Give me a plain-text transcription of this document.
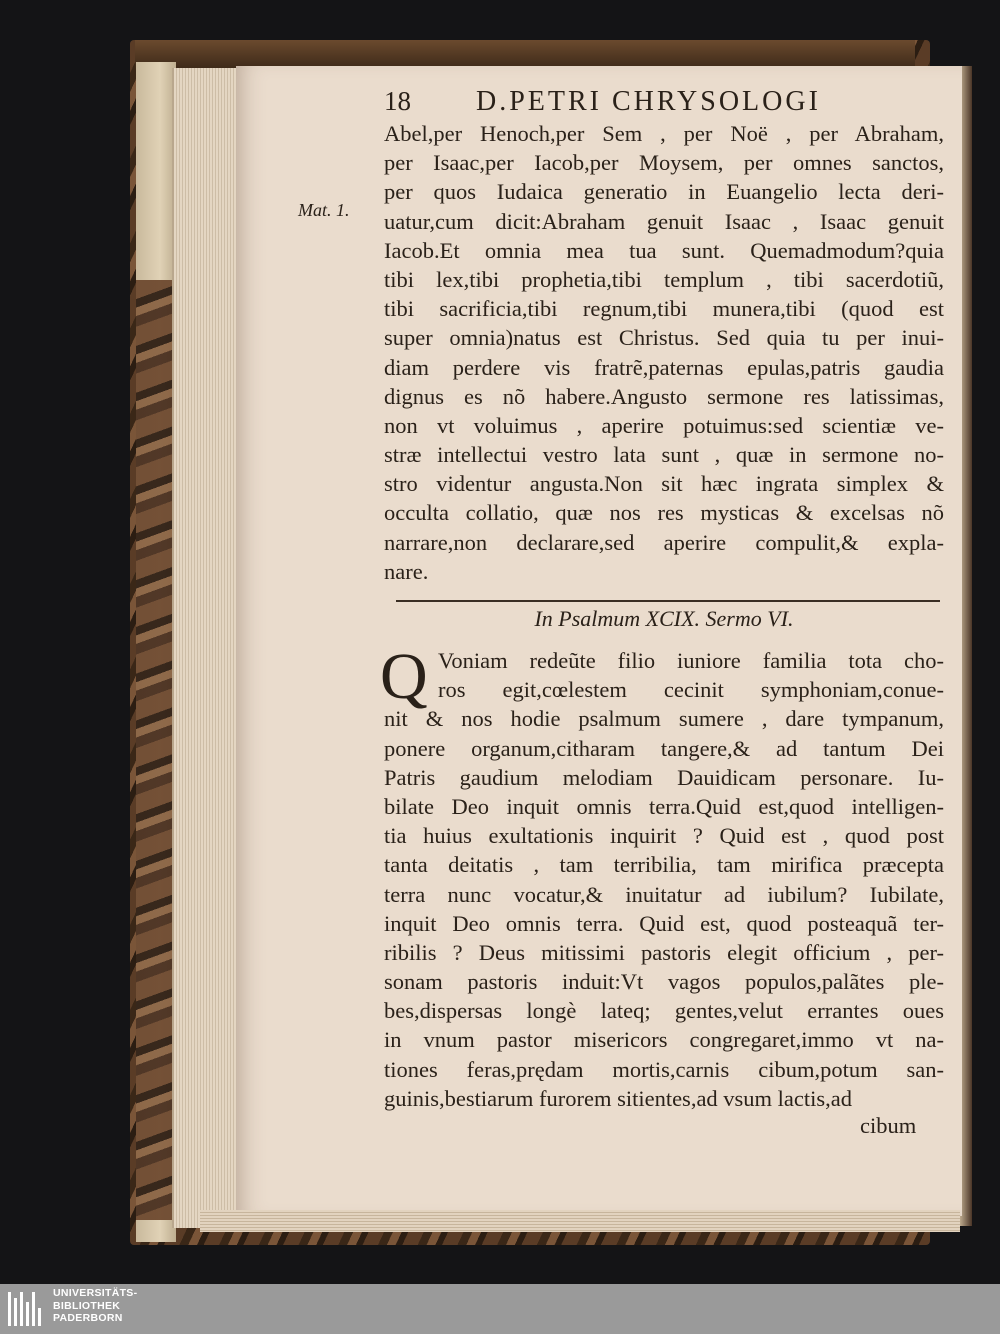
18 D.PETRI CHRYSOLOGI
Mat. 1.
Abel,per Henoch,per Sem , per Noë , per Abraham,
per Isaac,per Iacob,per Moysem, per omnes sanctos,
per quos Iudaica generatio in Euangelio lecta deri-
uatur,cum dicit:Abraham genuit Isaac , Isaac genuit
Iacob.Et omnia mea tua sunt. Quemadmodum?quia
tibi lex,tibi prophetia,tibi templum , tibi sacerdotiũ,
tibi sacrificia,tibi regnum,tibi munera,tibi (quod est
super omnia)natus est Christus. Sed quia tu per inui-
diam perdere vis fratrẽ,paternas epulas,patris gaudia
dignus es nõ habere.Angusto sermone res latissimas,
non vt voluimus , aperire potuimus:sed scientiæ ve-
stræ intellectui vestro lata sunt , quæ in sermone no-
stro videntur angusta.Non sit hæc ingrata simplex &
occulta collatio, quæ nos res mysticas & excelsas nõ
narrare,non declarare,sed aperire compulit,& expla-
nare.
In Psalmum XCIX. Sermo VI.
Q Voniam redeũte filio iuniore familia tota cho-
ros egit,cœlestem cecinit symphoniam,conue-
nit & nos hodie psalmum sumere , dare tympanum,
ponere organum,citharam tangere,& ad tantum Dei
Patris gaudium melodiam Dauidicam personare. Iu-
bilate Deo inquit omnis terra.Quid est,quod intelligen-
tia huius exultationis inquirit ? Quid est , quod post
tanta deitatis , tam terribilia, tam mirifica præcepta
terra nunc vocatur,& inuitatur ad iubilum? Iubilate,
inquit Deo omnis terra. Quid est, quod posteaquã ter-
ribilis ? Deus mitissimi pastoris elegit officium , per-
sonam pastoris induit:Vt vagos populos,palãtes ple-
bes,dispersas longè lateq; gentes,velut errantes oues
in vnum pastor misericors congregaret,immo vt na-
tiones feras,prędam mortis,carnis cibum,potum san-
guinis,bestiarum furorem sitientes,ad vsum lactis,ad
cibum
UNIVERSITÄTS-
BIBLIOTHEK
PADERBORN
